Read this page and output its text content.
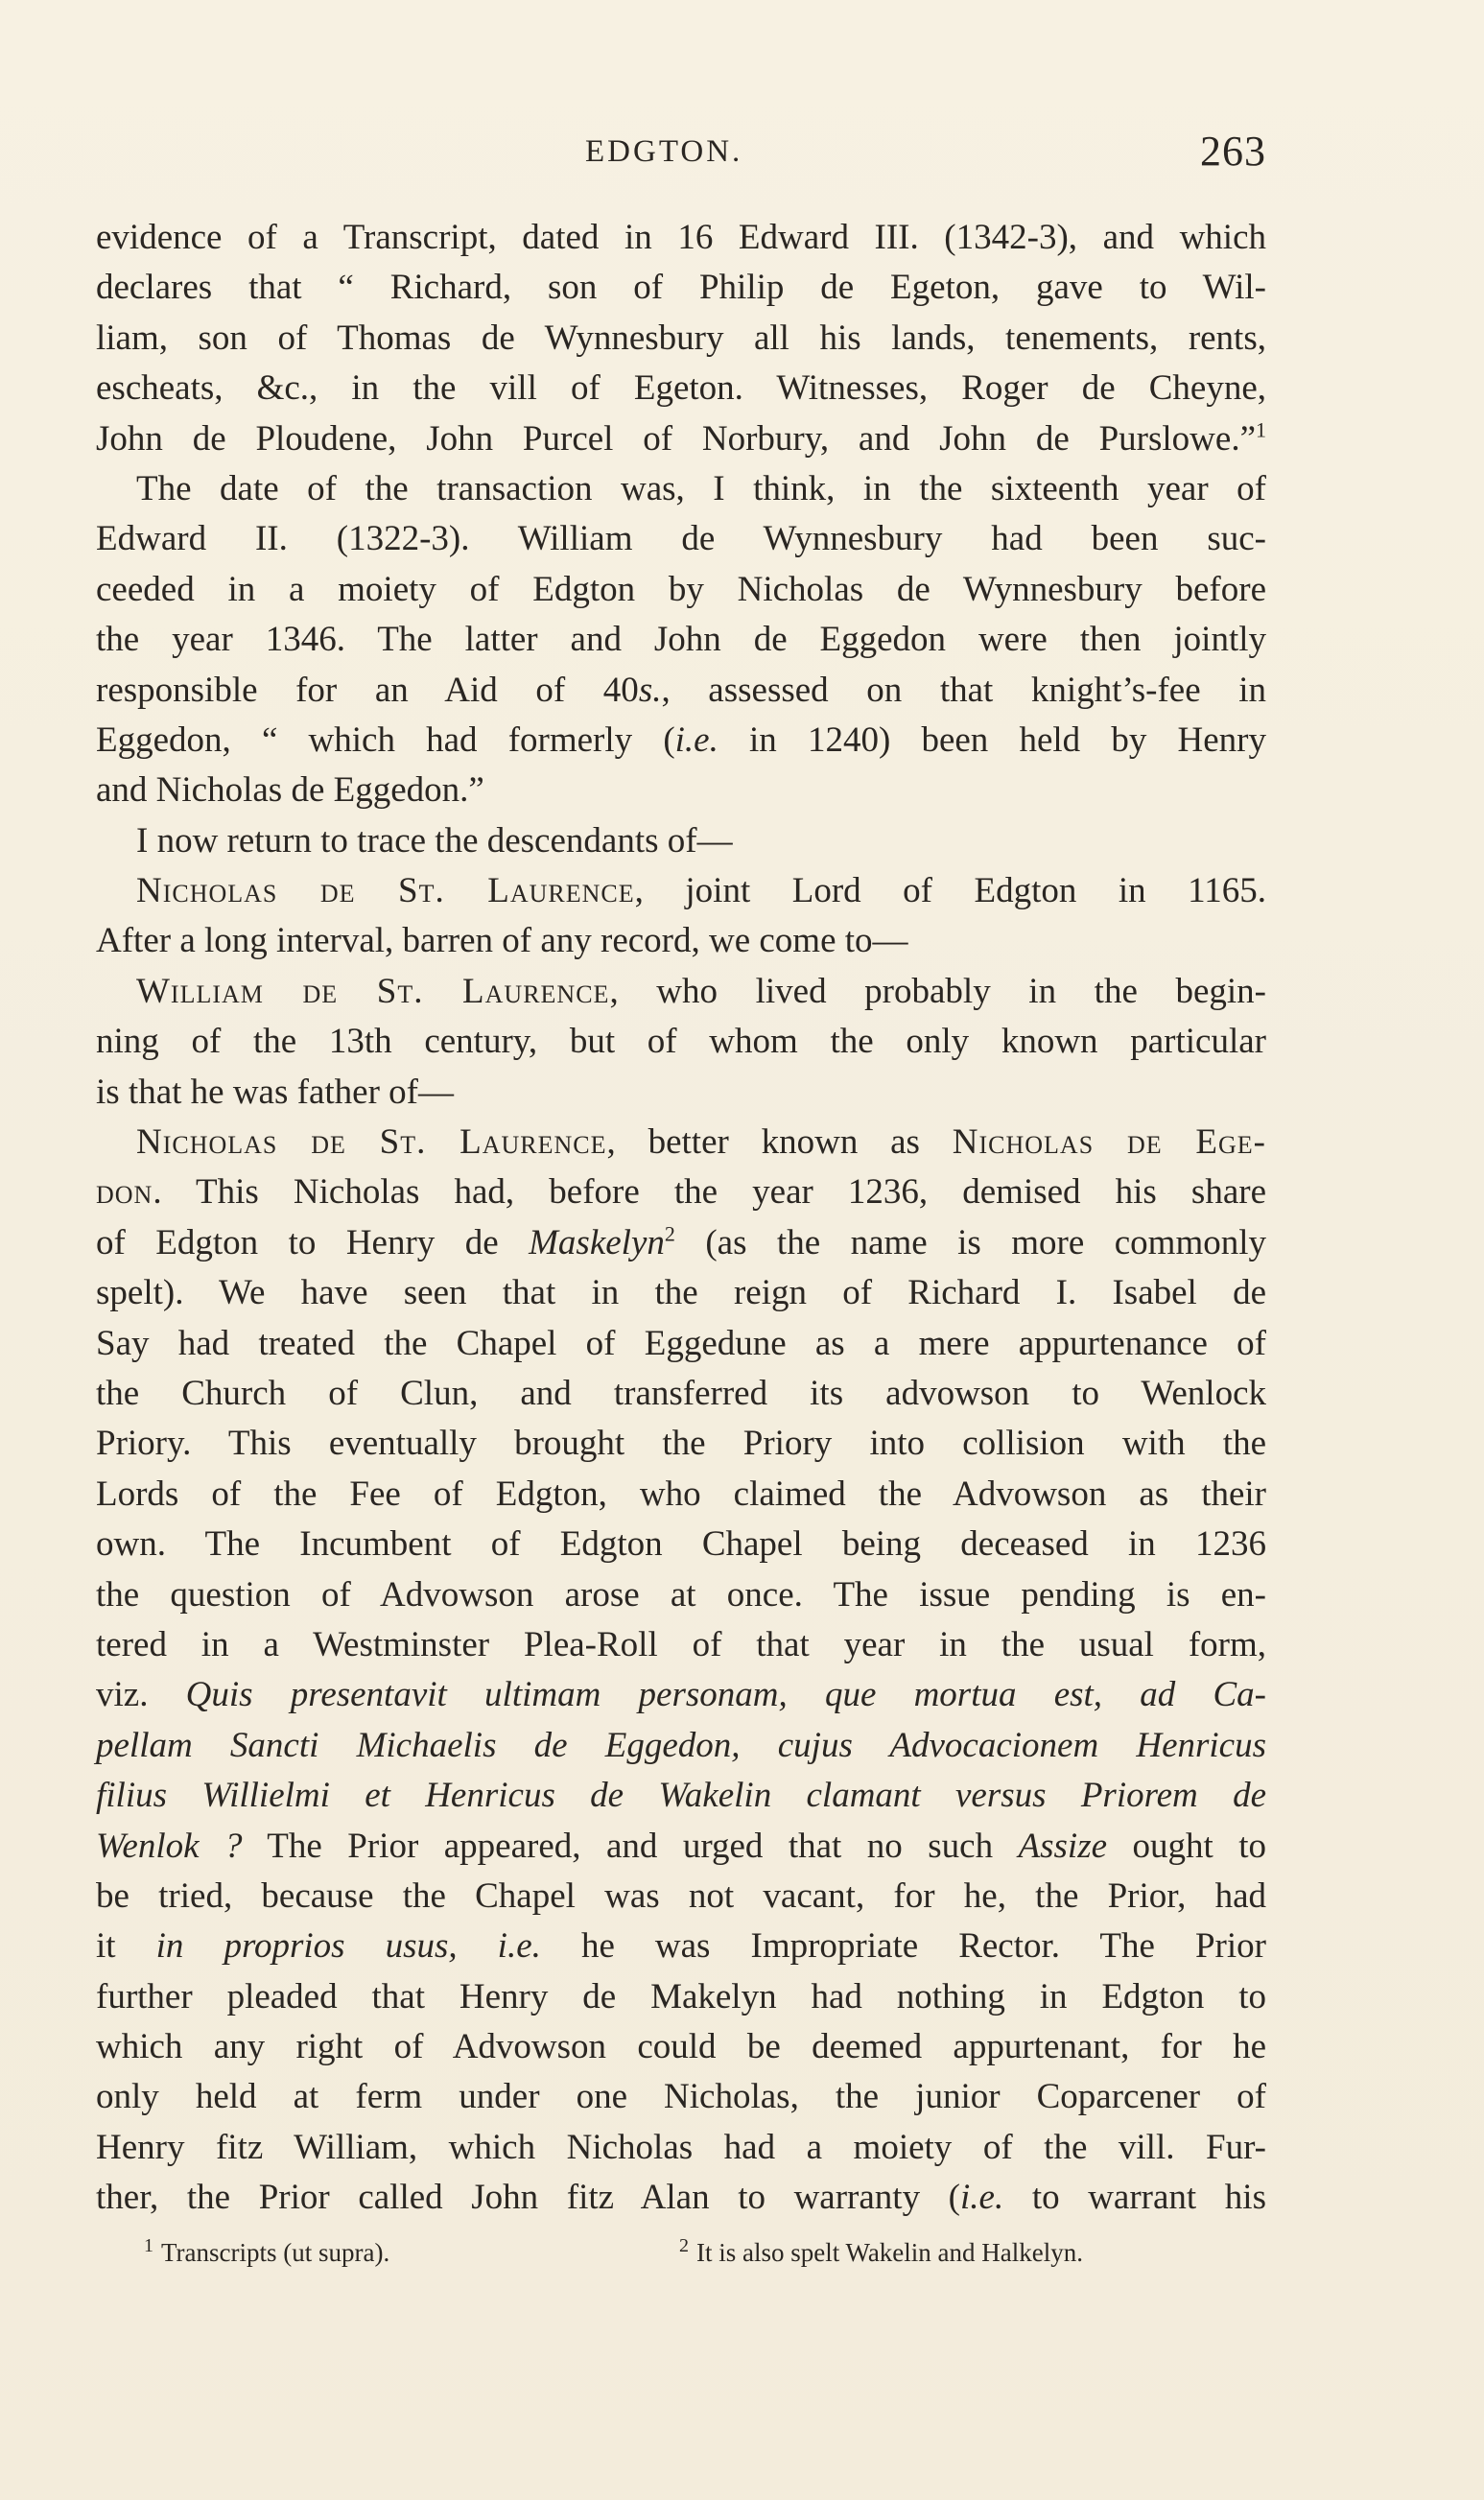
EDGTON.	263
evidence of a Transcript, dated in 16 Edward III. (1342-3), and which
declares that “ Richard, son of Philip de Egeton, gave to Wil-
liam, son of Thomas de Wynnesbury all his lands, tenements, rents,
escheats, &c., in the vill of Egeton. Witnesses, Roger de Cheyne,
John de Ploudene, John Purcel of Norbury, and John de Purslowe.”$^1$
The date of the transaction was, I think, in the sixteenth year of
Edward II. (1322-3). William de Wynnesbury had been suc-
ceeded in a moiety of Edgton by Nicholas de Wynnesbury before
the year 1346. The latter and John de Eggedon were then jointly
responsible for an Aid of 40s., assessed on that knight’s-fee in
Eggedon, “ which had formerly (i.e. in 1240) been held by Henry
and Nicholas de Eggedon.”
I now return to trace the descendants of—
Nicholas de St. Laurence, joint Lord of Edgton in 1165.
After a long interval, barren of any record, we come to—
William de St. Laurence, who lived probably in the begin-
ning of the 13th century, but of whom the only known particular
is that he was father of—
Nicholas de St. Laurence, better known as Nicholas de Ege-
don. This Nicholas had, before the year 1236, demised his share
of Edgton to Henry de Maskelyn$^2$ (as the name is more commonly
spelt). We have seen that in the reign of Richard I. Isabel de
Say had treated the Chapel of Eggedune as a mere appurtenance of
the Church of Clun, and transferred its advowson to Wenlock
Priory. This eventually brought the Priory into collision with the
Lords of the Fee of Edgton, who claimed the Advowson as their
own. The Incumbent of Edgton Chapel being deceased in 1236
the question of Advowson arose at once. The issue pending is en-
tered in a Westminster Plea-Roll of that year in the usual form,
viz. Quis presentavit ultimam personam, que mortua est, ad Ca-
pellam Sancti Michaelis de Eggedon, cujus Advocacionem Henricus
filius Willielmi et Henricus de Wakelin clamant versus Priorem de
Wenlok ? The Prior appeared, and urged that no such Assize ought to
be tried, because the Chapel was not vacant, for he, the Prior, had
it in proprios usus, i.e. he was Impropriate Rector. The Prior
further pleaded that Henry de Makelyn had nothing in Edgton to
which any right of Advowson could be deemed appurtenant, for he
only held at ferm under one Nicholas, the junior Coparcener of
Henry fitz William, which Nicholas had a moiety of the vill. Fur-
ther, the Prior called John fitz Alan to warranty (i.e. to warrant his
$^1$ Transcripts (ut supra).	$^2$ It is also spelt Wakelin and Halkelyn.
